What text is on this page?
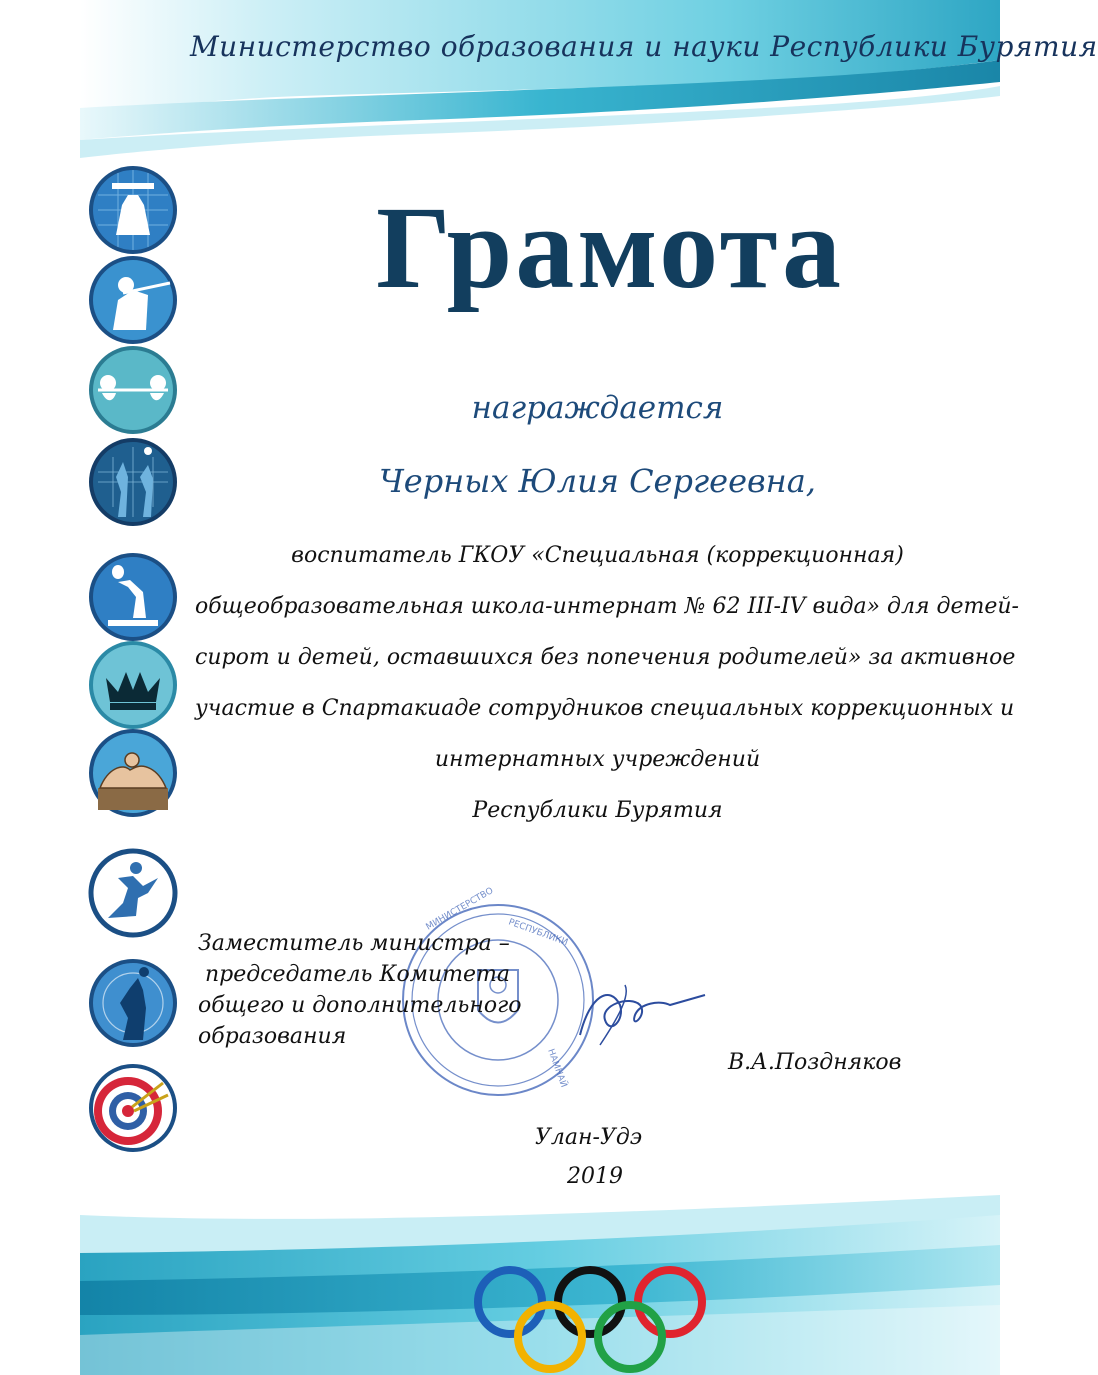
Министерство образования и науки Республики Бурятия
Грамота
награждается
Черных Юлия Сергеевна,
воспитатель ГКОУ «Специальная (коррекционная)
общеобразовательная школа-интернат № 62 III-IV вида» для детей-
сирот и детей, оставшихся без попечения родителей» за активное
участие в Спартакиаде сотрудников специальных коррекционных и
интернатных учреждений
Республики Бурятия
МИНИСТЕРСТВО
РЕСПУБЛИКИ
НАМНАЙ
Заместитель министра –
председатель Комитета
общего и дополнительного
образования
В.А.Поздняков
Улан-Удэ
2019
